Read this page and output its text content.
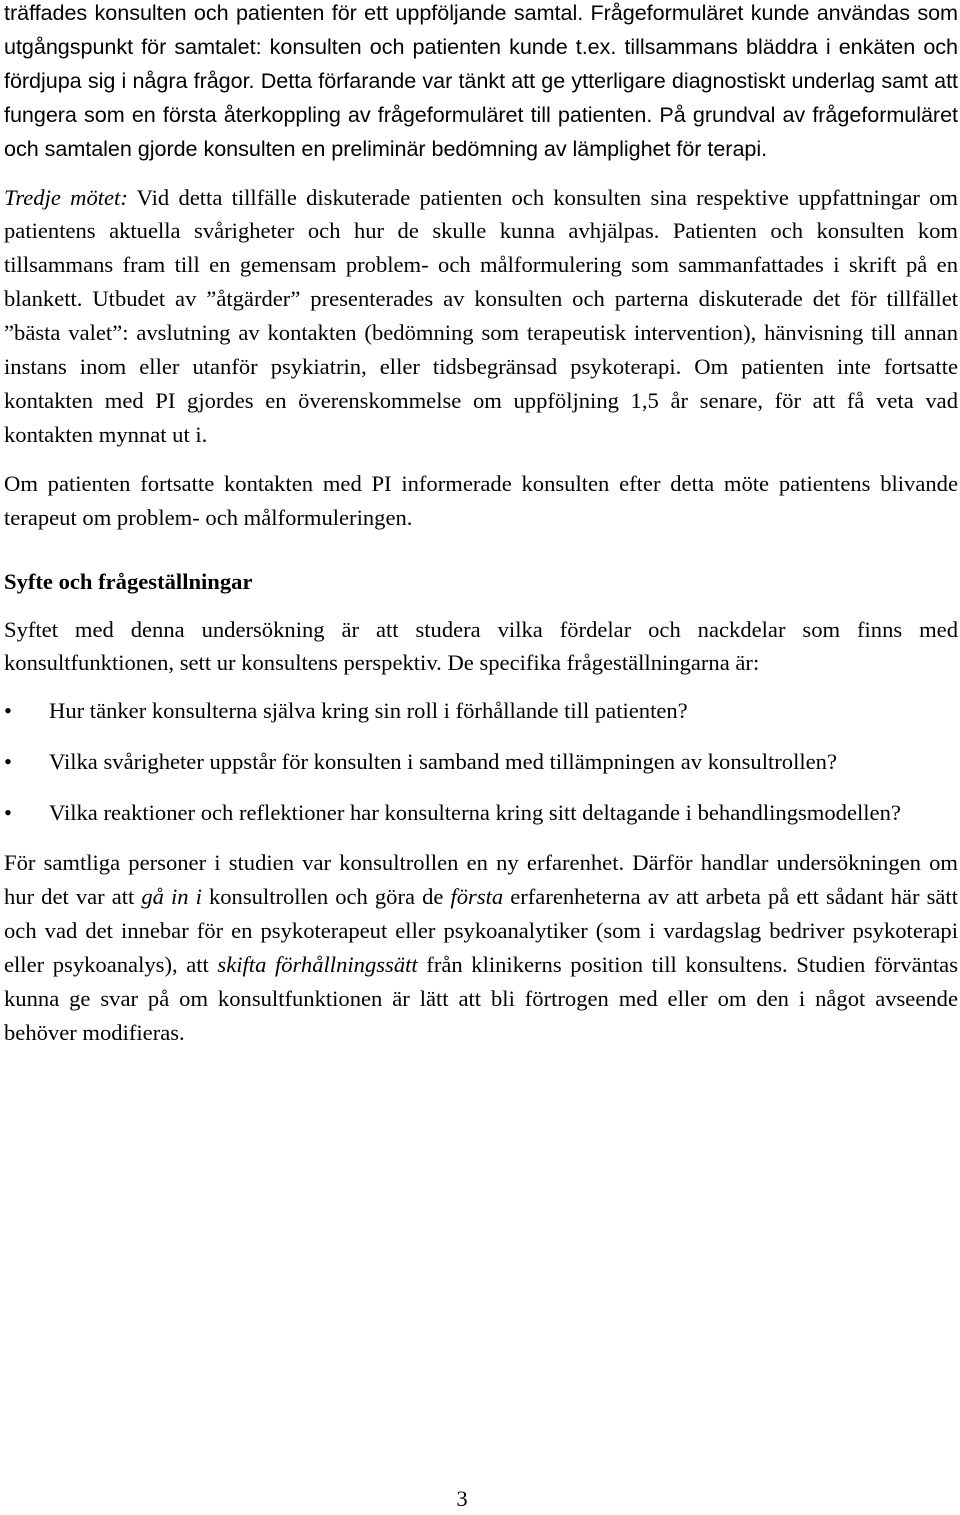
träffades konsulten och patienten för ett uppföljande samtal. Frågeformuläret kunde användas som utgångspunkt för samtalet: konsulten och patienten kunde t.ex. tillsammans bläddra i enkäten och fördjupa sig i några frågor. Detta förfarande var tänkt att ge ytterligare diagnostiskt underlag samt att fungera som en första återkoppling av frågeformuläret till patienten. På grundval av frågeformuläret och samtalen gjorde konsulten en preliminär bedömning av lämplighet för terapi.

Tredje mötet: Vid detta tillfälle diskuterade patienten och konsulten sina respektive uppfattningar om patientens aktuella svårigheter och hur de skulle kunna avhjälpas. Patienten och konsulten kom tillsammans fram till en gemensam problem- och målformulering som sammanfattades i skrift på en blankett. Utbudet av ”åtgärder” presenterades av konsulten och parterna diskuterade det för tillfället ”bästa valet”: avslutning av kontakten (bedömning som terapeutisk intervention), hänvisning till annan instans inom eller utanför psykiatrin, eller tidsbegränsad psykoterapi. Om patienten inte fortsatte kontakten med PI gjordes en överenskommelse om uppföljning 1,5 år senare, för att få veta vad kontakten mynnat ut i.

Om patienten fortsatte kontakten med PI informerade konsulten efter detta möte patientens blivande terapeut om problem- och målformuleringen.

Syfte och frågeställningar

Syftet med denna undersökning är att studera vilka fördelar och nackdelar som finns med konsultfunktionen, sett ur konsultens perspektiv. De specifika frågeställningarna är:

•	Hur tänker konsulterna själva kring sin roll i förhållande till patienten?
•	Vilka svårigheter uppstår för konsulten i samband med tillämpningen av konsultrollen?
•	Vilka reaktioner och reflektioner har konsulterna kring sitt deltagande i behandlingsmodellen?

För samtliga personer i studien var konsultrollen en ny erfarenhet. Därför handlar undersökningen om hur det var att gå in i konsultrollen och göra de första erfarenheterna av att arbeta på ett sådant här sätt och vad det innebar för en psykoterapeut eller psykoanalytiker (som i vardagslag bedriver psykoterapi eller psykoanalys), att skifta förhållningssätt från klinikerns position till konsultens. Studien förväntas kunna ge svar på om konsultfunktionen är lätt att bli förtrogen med eller om den i något avseende behöver modifieras.

3
